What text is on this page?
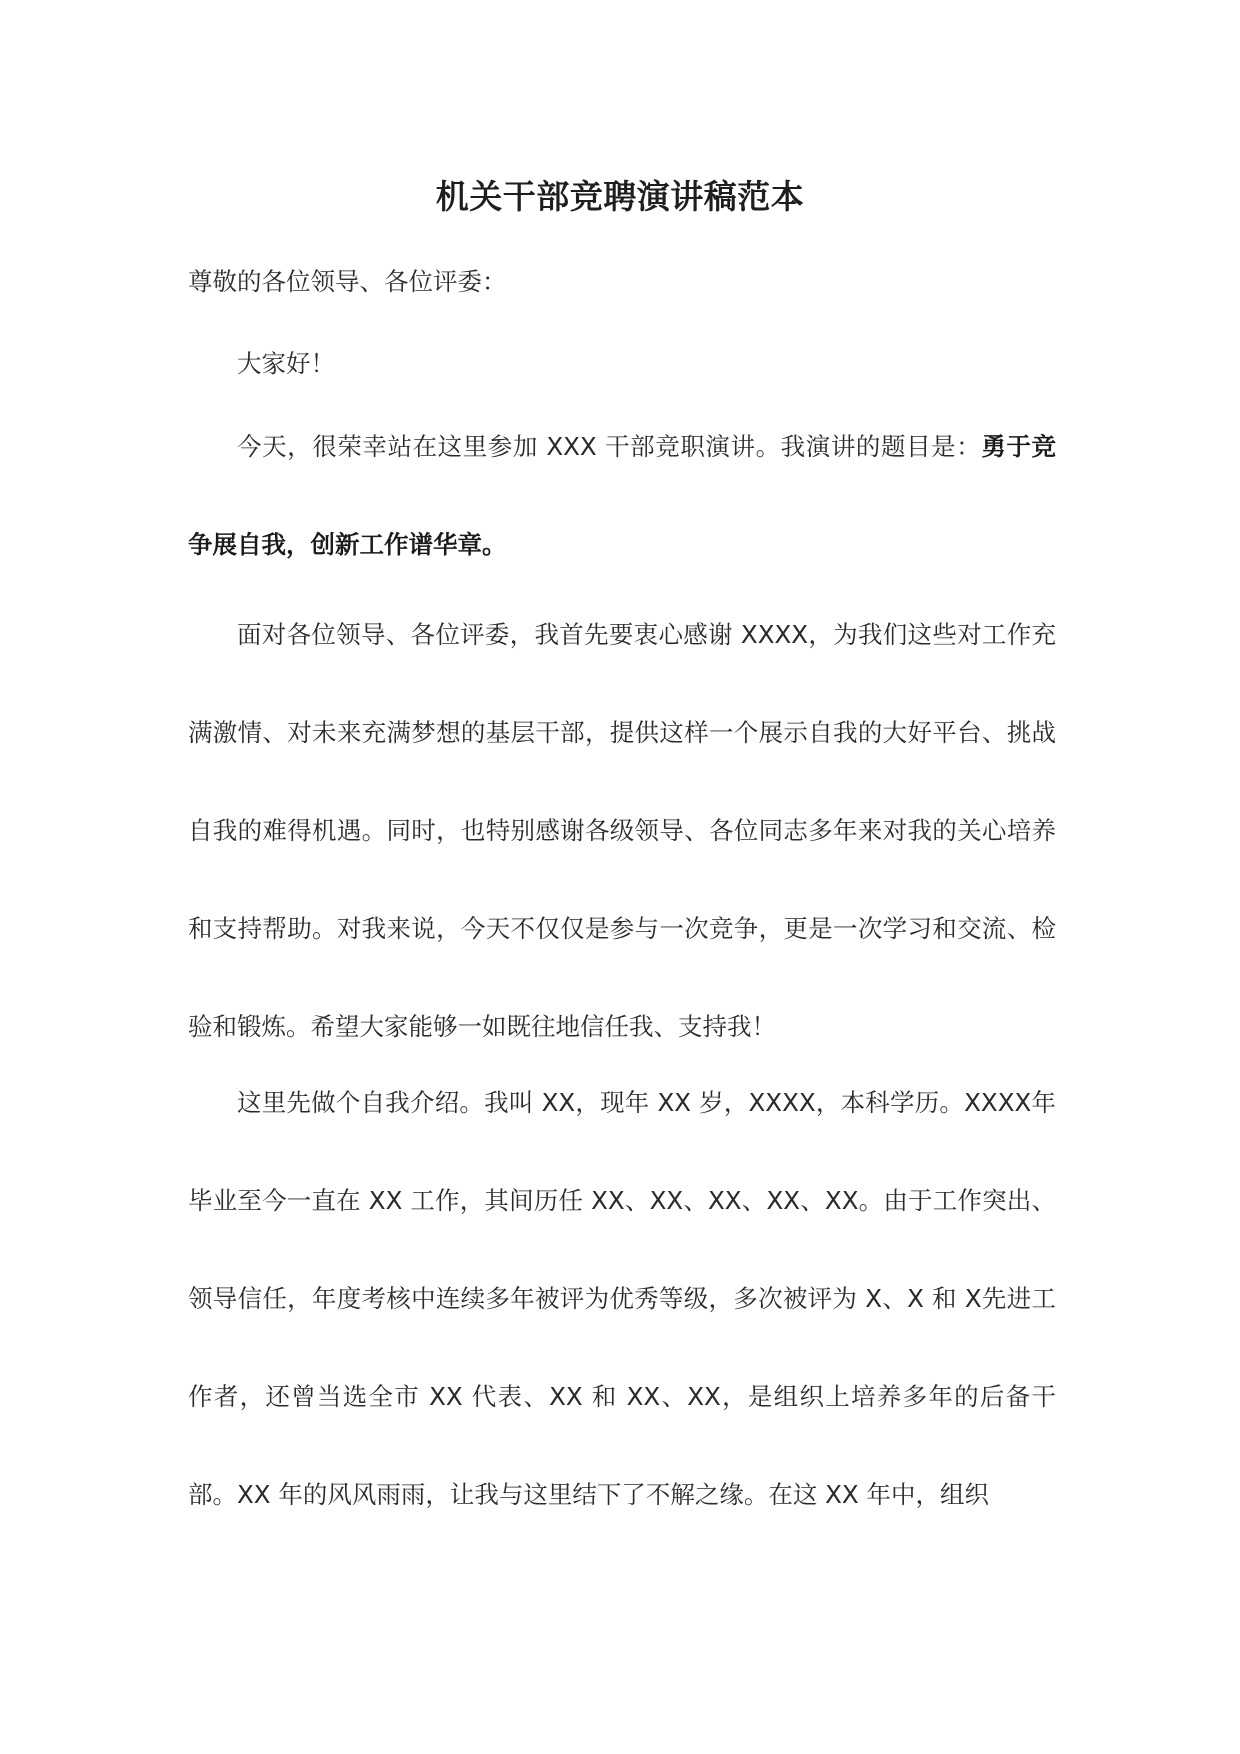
机关干部竞聘演讲稿范本

尊敬的各位领导、各位评委：

大家好！

今天，很荣幸站在这里参加 XXX 干部竞职演讲。我演讲的题目是：勇于竞争展自我，创新工作谱华章。

面对各位领导、各位评委，我首先要衷心感谢 XXXX，为我们这些对工作充满激情、对未来充满梦想的基层干部，提供这样一个展示自我的大好平台、挑战自我的难得机遇。同时，也特别感谢各级领导、各位同志多年来对我的关心培养和支持帮助。对我来说，今天不仅仅是参与一次竞争，更是一次学习和交流、检验和锻炼。希望大家能够一如既往地信任我、支持我！

这里先做个自我介绍。我叫 XX，现年 XX 岁，XXXX，本科学历。XXXX年毕业至今一直在 XX 工作，其间历任 XX、XX、XX、XX、XX。由于工作突出、领导信任，年度考核中连续多年被评为优秀等级，多次被评为 X、X 和 X先进工作者，还曾当选全市 XX 代表、XX 和 XX、XX，是组织上培养多年的后备干部。XX 年的风风雨雨，让我与这里结下了不解之缘。在这 XX 年中，组织
